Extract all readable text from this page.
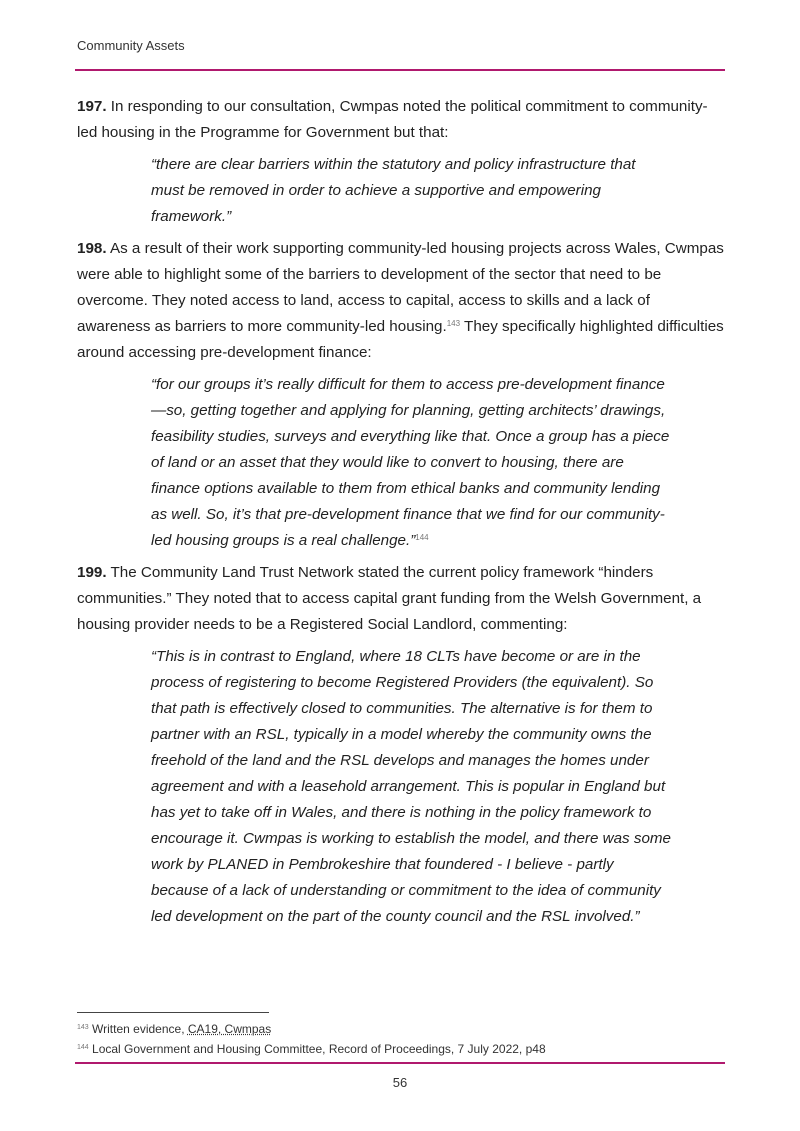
Community Assets

197. In responding to our consultation, Cwmpas noted the political commitment to community-led housing in the Programme for Government but that:

“there are clear barriers within the statutory and policy infrastructure that must be removed in order to achieve a supportive and empowering framework.”

198. As a result of their work supporting community-led housing projects across Wales, Cwmpas were able to highlight some of the barriers to development of the sector that need to be overcome. They noted access to land, access to capital, access to skills and a lack of awareness as barriers to more community-led housing.$^{143}$ They specifically highlighted difficulties around accessing pre-development finance:

“for our groups it’s really difficult for them to access pre-development finance—so, getting together and applying for planning, getting architects’ drawings, feasibility studies, surveys and everything like that. Once a group has a piece of land or an asset that they would like to convert to housing, there are finance options available to them from ethical banks and community lending as well. So, it’s that pre-development finance that we find for our community-led housing groups is a real challenge.”$^{144}$

199. The Community Land Trust Network stated the current policy framework “hinders communities.” They noted that to access capital grant funding from the Welsh Government, a housing provider needs to be a Registered Social Landlord, commenting:

“This is in contrast to England, where 18 CLTs have become or are in the process of registering to become Registered Providers (the equivalent). So that path is effectively closed to communities. The alternative is for them to partner with an RSL, typically in a model whereby the community owns the freehold of the land and the RSL develops and manages the homes under agreement and with a leasehold arrangement. This is popular in England but has yet to take off in Wales, and there is nothing in the policy framework to encourage it. Cwmpas is working to establish the model, and there was some work by PLANED in Pembrokeshire that foundered - I believe - partly because of a lack of understanding or commitment to the idea of community led development on the part of the county council and the RSL involved.”
$^{143}$ Written evidence, CA19, Cwmpas
$^{144}$ Local Government and Housing Committee, Record of Proceedings, 7 July 2022, p48
56
